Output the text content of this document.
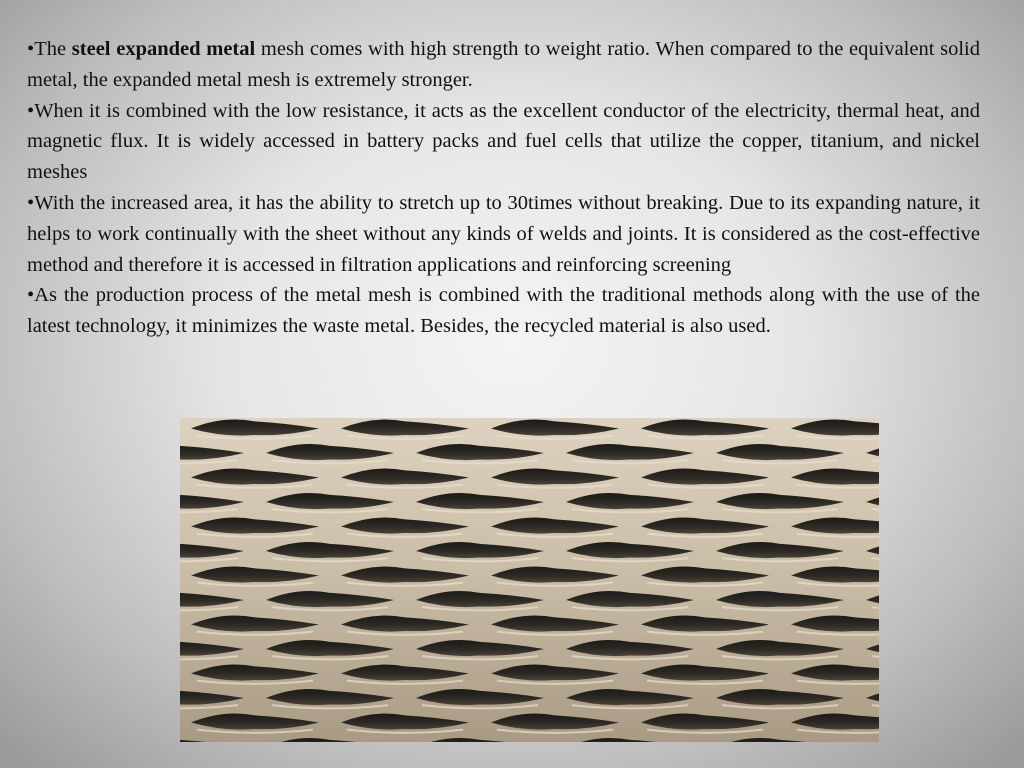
•The steel expanded metal mesh comes with high strength to weight ratio. When compared to the equivalent solid metal, the expanded metal mesh is extremely stronger.

•When it is combined with the low resistance, it acts as the excellent conductor of the electricity, thermal heat, and magnetic flux. It is widely accessed in battery packs and fuel cells that utilize the copper, titanium, and nickel meshes

•With the increased area, it has the ability to stretch up to 30times without breaking. Due to its expanding nature, it helps to work continually with the sheet without any kinds of welds and joints. It is considered as the cost-effective method and therefore it is accessed in filtration applications and reinforcing screening

•As the production process of the metal mesh is combined with the traditional methods along with the use of the latest technology, it minimizes the waste metal. Besides, the recycled material is also used.
